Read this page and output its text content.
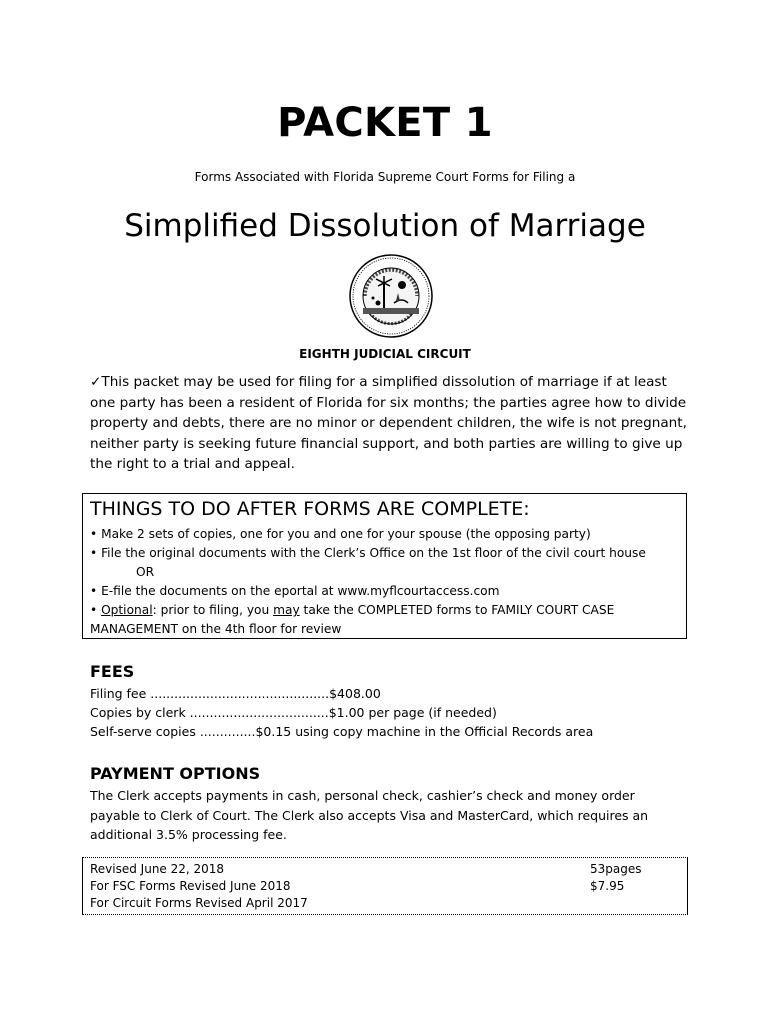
PACKET 1
Forms Associated with Florida Supreme Court Forms for Filing a
Simplified Dissolution of Marriage
EIGHTH JUDICIAL CIRCUIT
✓This packet may be used for filing for a simplified dissolution of marriage if at least one party has been a resident of Florida for six months; the parties agree how to divide property and debts, there are no minor or dependent children, the wife is not pregnant, neither party is seeking future financial support, and both parties are willing to give up the right to a trial and appeal.
THINGS TO DO AFTER FORMS ARE COMPLETE:
• Make 2 sets of copies, one for you and one for your spouse (the opposing party)
• File the original documents with the Clerk’s Office on the 1st floor of the civil court house
OR
• E-file the documents on the eportal at www.myflcourtaccess.com
• Optional: prior to filing, you may take the COMPLETED forms to FAMILY COURT CASE
MANAGEMENT on the 4th floor for review
FEES
Filing fee .............................................$408.00
Copies by clerk ...................................$1.00 per page (if needed)
Self-serve copies ..............$0.15 using copy machine in the Official Records area
PAYMENT OPTIONS
The Clerk accepts payments in cash, personal check, cashier’s check and money order payable to Clerk of Court. The Clerk also accepts Visa and MasterCard, which requires an additional 3.5% processing fee.
Revised June 22, 2018
For FSC Forms Revised June 2018
For Circuit Forms Revised April 2017
53pages
$7.95
